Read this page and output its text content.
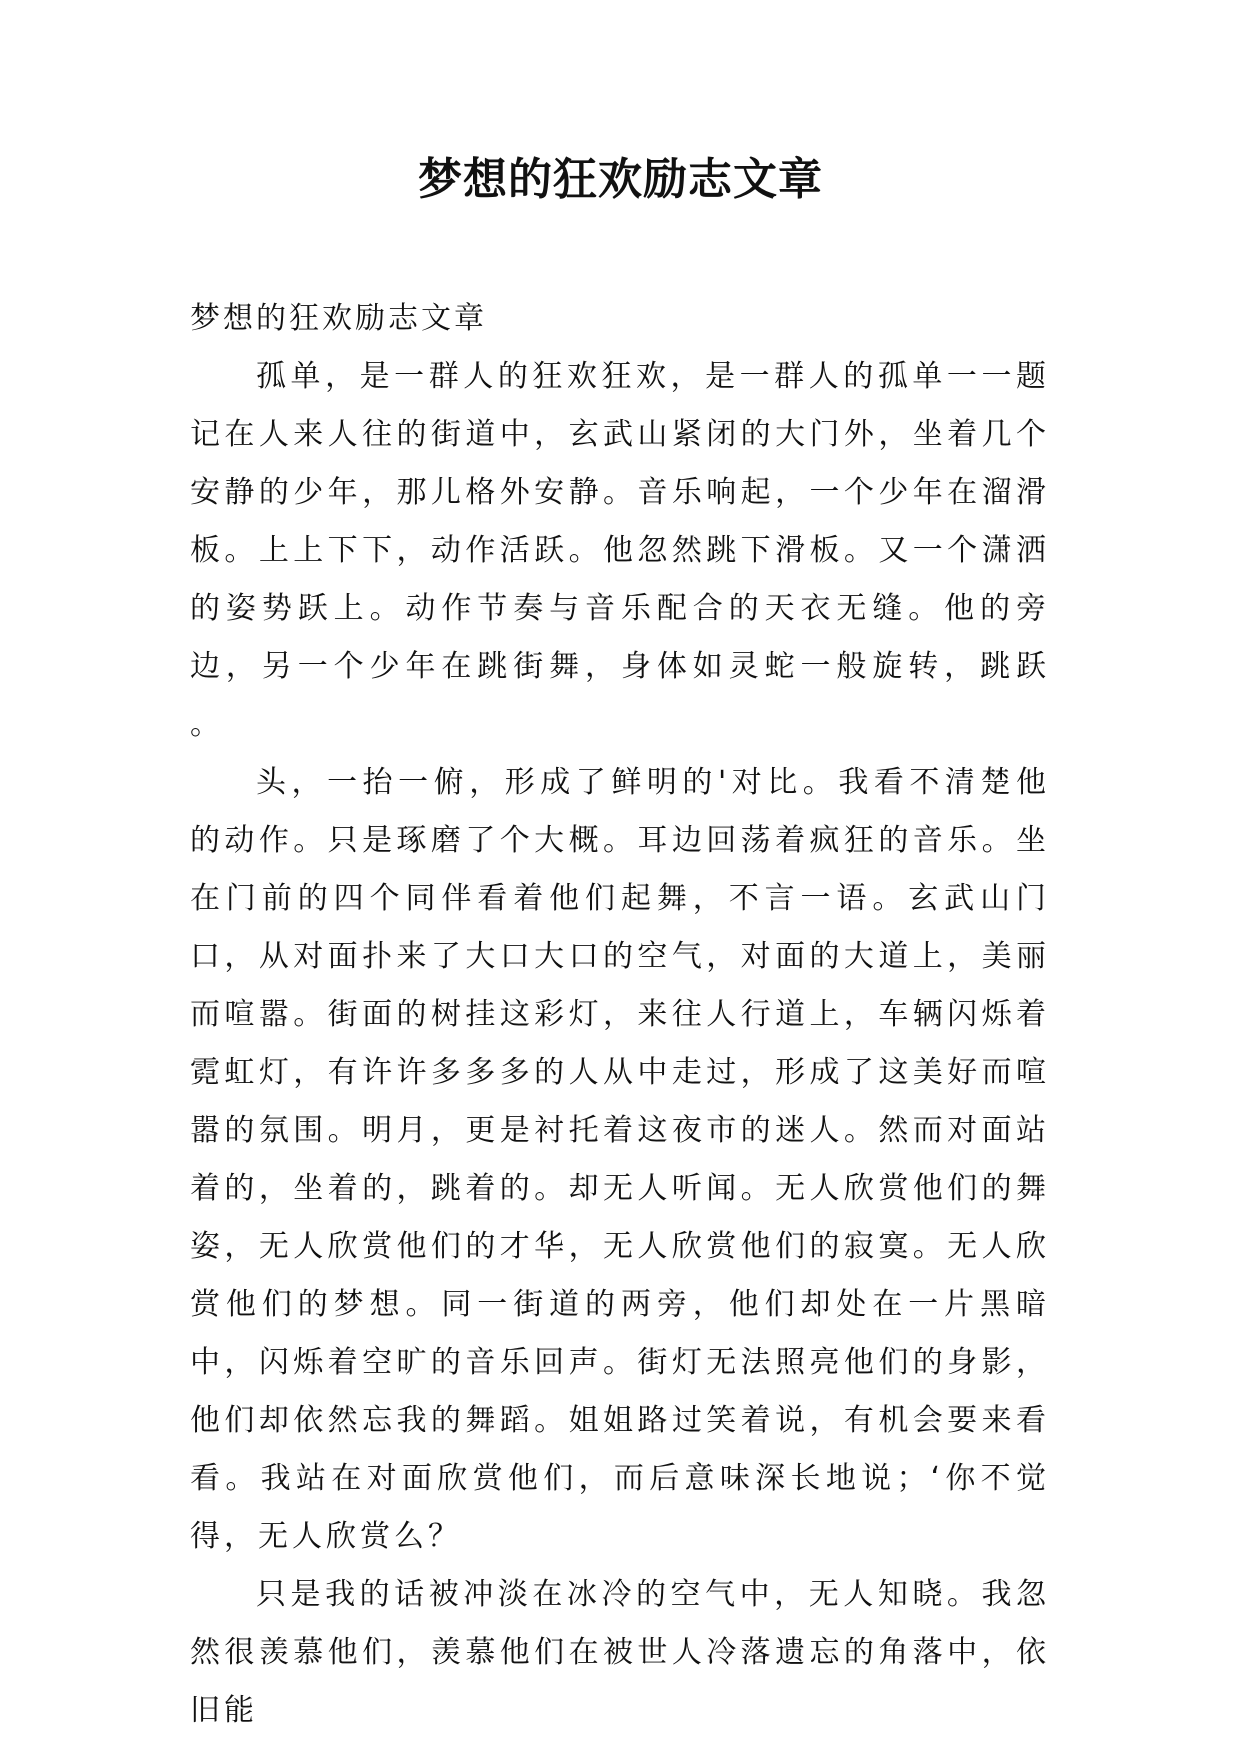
梦想的狂欢励志文章

梦想的狂欢励志文章

孤单，是一群人的狂欢狂欢，是一群人的孤单一一题记在人来人往的街道中，玄武山紧闭的大门外，坐着几个安静的少年，那儿格外安静。音乐响起，一个少年在溜滑板。上上下下，动作活跃。他忽然跳下滑板。又一个潇洒的姿势跃上。动作节奏与音乐配合的天衣无缝。他的旁边，另一个少年在跳街舞，身体如灵蛇一般旋转，跳跃 。

头，一抬一俯，形成了鲜明的'对比。我看不清楚他的动作。只是琢磨了个大概。耳边回荡着疯狂的音乐。坐在门前的四个同伴看着他们起舞，不言一语。玄武山门口，从对面扑来了大口大口的空气，对面的大道上，美丽而喧嚣。街面的树挂这彩灯，来往人行道上，车辆闪烁着霓虹灯，有许许多多多的人从中走过，形成了这美好而喧嚣的氛围。明月，更是衬托着这夜市的迷人。然而对面站着的，坐着的，跳着的。却无人听闻。无人欣赏他们的舞姿，无人欣赏他们的才华，无人欣赏他们的寂寞。无人欣赏他们的梦想。同一街道的两旁，他们却处在一片黑暗中，闪烁着空旷的音乐回声。街灯无法照亮他们的身影，他们却依然忘我的舞蹈。姐姐路过笑着说，有机会要来看看。我站在对面欣赏他们，而后意味深长地说；‘你不觉得，无人欣赏么？

只是我的话被冲淡在冰冷的空气中，无人知晓。我忽然很羡慕他们，羡慕他们在被世人冷落遗忘的角落中，依旧能
